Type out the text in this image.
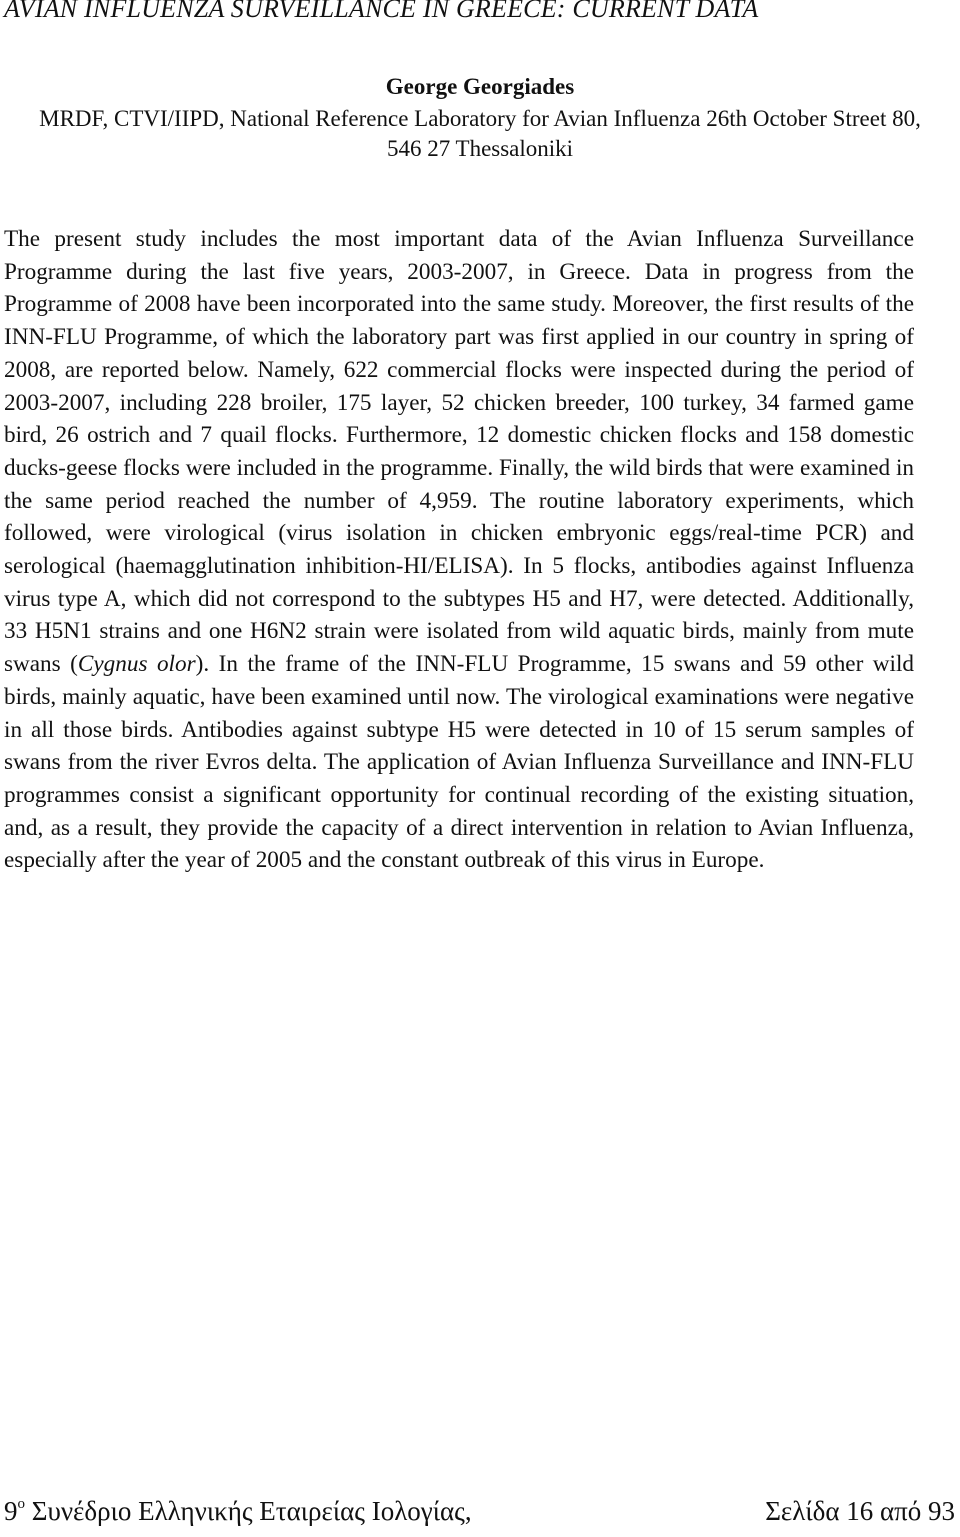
AVIAN INFLUENZA SURVEILLANCE IN GREECE: CURRENT DATA
George Georgiades
MRDF, CTVI/IIPD, National Reference Laboratory for Avian Influenza 26th October Street 80, 546 27 Thessaloniki

The present study includes the most important data of the Avian Influenza Surveillance Programme during the last five years, 2003-2007, in Greece. Data in progress from the Programme of 2008 have been incorporated into the same study. Moreover, the first results of the INN-FLU Programme, of which the laboratory part was first applied in our country in spring of 2008, are reported below. Namely, 622 commercial flocks were inspected during the period of 2003-2007, including 228 broiler, 175 layer, 52 chicken breeder, 100 turkey, 34 farmed game bird, 26 ostrich and 7 quail flocks. Furthermore, 12 domestic chicken flocks and 158 domestic ducks-geese flocks were included in the programme. Finally, the wild birds that were examined in the same period reached the number of 4,959. The routine laboratory experiments, which followed, were virological (virus isolation in chicken embryonic eggs/real-time PCR) and serological (haemagglutination inhibition-HI/ELISA). In 5 flocks, antibodies against Influenza virus type A, which did not correspond to the subtypes H5 and H7, were detected. Additionally, 33 H5N1 strains and one H6N2 strain were isolated from wild aquatic birds, mainly from mute swans (Cygnus olor). In the frame of the INN-FLU Programme, 15 swans and 59 other wild birds, mainly aquatic, have been examined until now. The virological examinations were negative in all those birds. Antibodies against subtype H5 were detected in 10 of 15 serum samples of swans from the river Evros delta. The application of Avian Influenza Surveillance and INN-FLU programmes consist a significant opportunity for continual recording of the existing situation, and, as a result, they provide the capacity of a direct intervention in relation to Avian Influenza, especially after the year of 2005 and the constant outbreak of this virus in Europe.

$9^o$ Συνέδριο Ελληνικής Εταιρείας Ιολογίας,	Σελίδα 16 από 93
